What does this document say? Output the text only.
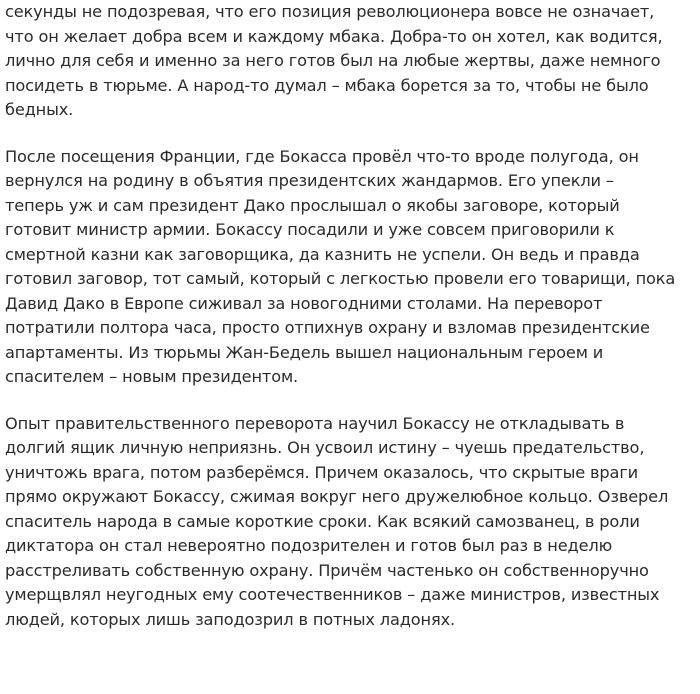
секунды не подозревая, что его позиция революционера вовсе не означает,
что он желает добра всем и каждому мбака. Добра-то он хотел, как водится,
лично для себя и именно за него готов был на любые жертвы, даже немного
посидеть в тюрьме. А народ-то думал – мбака борется за то, чтобы не было
бедных.
После посещения Франции, где Бокасса провёл что-то вроде полугода, он
вернулся на родину в объятия президентских жандармов. Его упекли –
теперь уж и сам президент Дако прослышал о якобы заговоре, который
готовит министр армии. Бокассу посадили и уже совсем приговорили к
смертной казни как заговорщика, да казнить не успели. Он ведь и правда
готовил заговор, тот самый, который с легкостью провели его товарищи, пока
Давид Дако в Европе сиживал за новогодними столами. На переворот
потратили полтора часа, просто отпихнув охрану и взломав президентские
апартаменты. Из тюрьмы Жан-Бедель вышел национальным героем и
спасителем – новым президентом.
Опыт правительственного переворота научил Бокассу не откладывать в
долгий ящик личную неприязнь. Он усвоил истину – чуешь предательство,
уничтожь врага, потом разберёмся. Причем оказалось, что скрытые враги
прямо окружают Бокассу, сжимая вокруг него дружелюбное кольцо. Озверел
спаситель народа в самые короткие сроки. Как всякий самозванец, в роли
диктатора он стал невероятно подозрителен и готов был раз в неделю
расстреливать собственную охрану. Причём частенько он собственноручно
умерщвлял неугодных ему соотечественников – даже министров, известных
людей, которых лишь заподозрил в потных ладонях.
